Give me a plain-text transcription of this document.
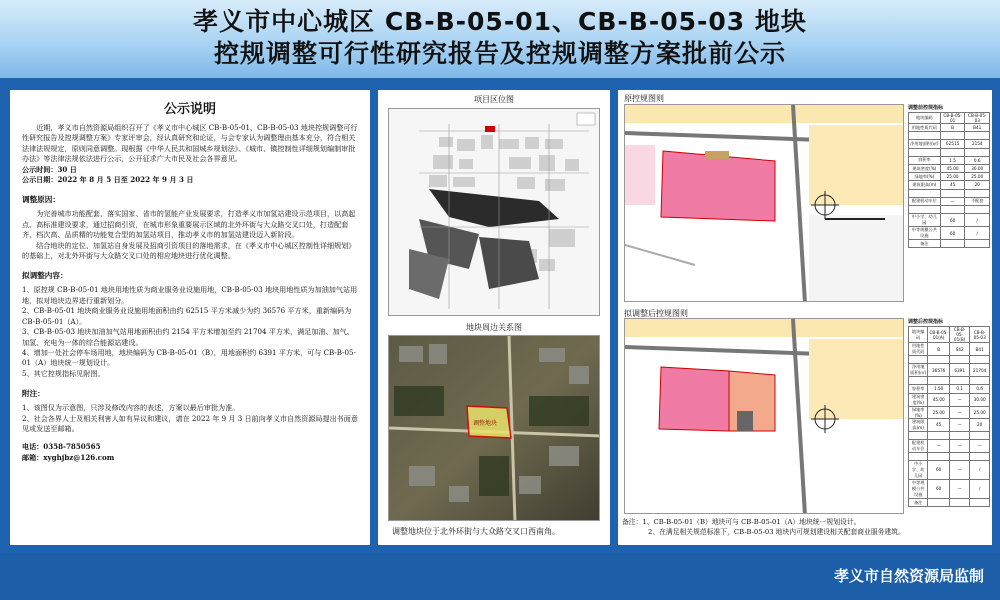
孝义市中心城区 CB-B-05-01、CB-B-05-03 地块
控规调整可行性研究报告及控规调整方案批前公示
公示说明
近期，孝义市自然资源局组织召开了《孝义市中心城区 CB-B-05-01、CB-B-05-03 地块控规调整可行性研究报告及控规调整方案》专家评审会，经认真研究和论证，与会专家认为调整理由基本充分，符合相关法律法规规定，原则同意调整。现根据《中华人民共和国城乡规划法》、《城市、镇控制性详细规划编制审批办法》等法律法规依法进行公示，公开征求广大市民及社会各界意见。
公示时间：30 日
公示日期：2022 年 8 月 5 日至 2022 年 9 月 3 日
调整原因：
为完善城市功能配套，落实国家、省市的氢能产业发展要求，打造孝义市加氢站建设示范项目，以高起点、高标准建设要求，通过招商引资，在城市形象重要展示区域的北外环街与大众路交叉口处，打造配套齐、档次高、品质精的功能复合型的加氢站项目，推动孝义市的加氢站建设迈入新阶段。
结合地块的定位、加氢站自身发展及招商引资项目的落地需求，在《孝义市中心城区控制性详细规划》的基础上，对北外环街与大众路交叉口处的相应地块进行优化调整。
拟调整内容：
1、原控规 CB-B-05-01 地块用地性质为商业服务业设施用地，CB-B-05-03 地块用地性质为加油加气站用地，拟对地块边界进行重新划分。
2、CB-B-05-01 地块商业服务业设施用地面积由约 62515 平方米减少为约 36576 平方米，重新编码为 CB-B-05-01（A）。
3、CB-B-05-03 地块加油加气站用地面积由约 2154 平方米增加至约 21704 平方米，满足加油、加气、加氢、充电为一体的综合能源站建设。
4、增加一处社会停车场用地，地块编码为 CB-B-05-01（B），用地面积约 6391 平方米，可与 CB-B-05-01（A）地块统一规划设计。
5、其它控规指标见附图。
附注：
1、该图仅为示意图，只涉及修改内容的表述，方案以最后审批为准。
2、社会各界人士及相关利害人如有异议和建议，请在 2022 年 9 月 3 日前向孝义市自然资源局提出书面意见或发送至邮箱。
电话：0358-7850565
邮箱：xyghjbz@126.com
项目区位图
地块周边关系图
调整地块
调整地块位于北外环街与大众路交叉口西南角。
原控规图则
调整前控规指标
地块编码	CB-B-05-01	CB-B-05-03
用地性质代码	B	B41

净用地面积(㎡)	62515	2154

容积率	1.5	0.6
建筑密度(%)	45.00	30.00
绿地率(%)	25.00	25.00
建筑限高(m)	45	20

配建机动车位	—	不配套

中小学、幼儿园	60	/
中等规模公共设施	60	/
备注		
拟调整后控规图则
调整后控规指标
地块编码	CB-B-05-01(A)	CB-B-05-01(B)	CB-B-05-03
用地性质代码	B	S42	B41

净用地面积(㎡)	36576	6391	21704

容积率	1.50	0.1	0.6
建筑密度(%)	45.00	—	30.00
绿地率(%)	25.00	—	25.00
建筑限高(m)	45	—	20

配建机动车位	—	—	—

中小学、幼儿园	60	—	/
中等规模公共设施	60	—	/
备注			
备注：1、CB-B-05-01（B）地块可与 CB-B-05-01（A）地块统一规划设计。
2、在满足相关规范标准下，CB-B-05-03 地块内可规划建设相关配套商业服务建筑。
孝义市自然资源局监制
